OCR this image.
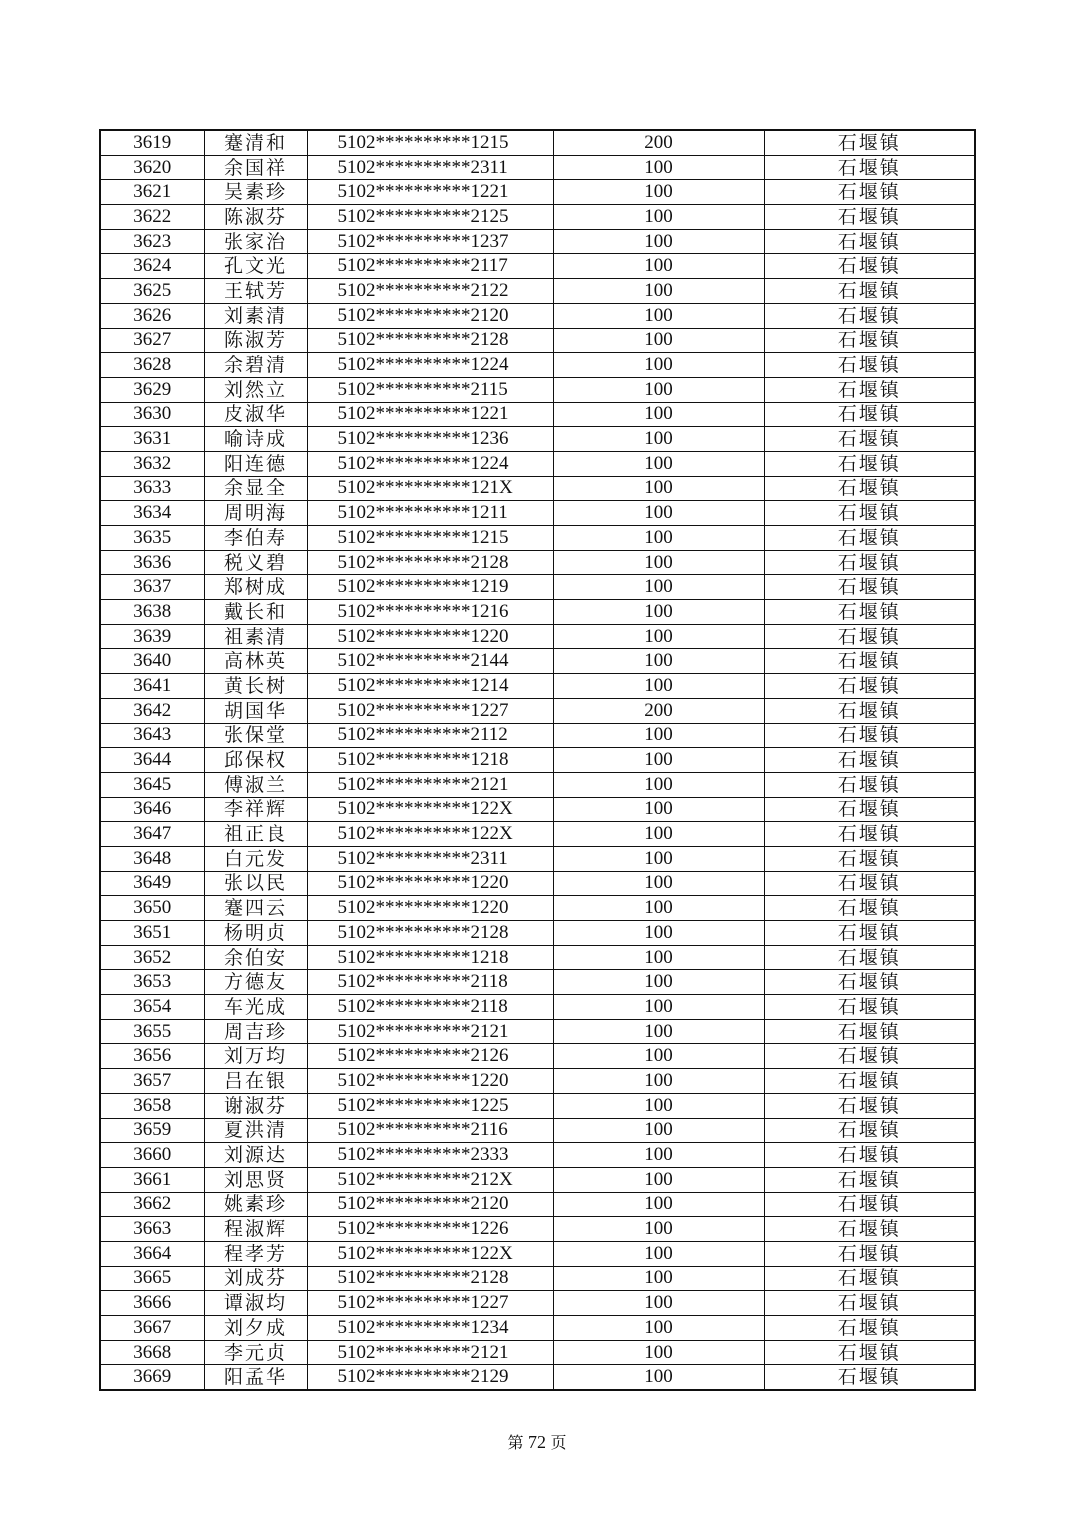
3619	蹇清和	5102**********1215	200	石堰镇
3620	余国祥	5102**********2311	100	石堰镇
3621	吴素珍	5102**********1221	100	石堰镇
3622	陈淑芬	5102**********2125	100	石堰镇
3623	张家治	5102**********1237	100	石堰镇
3624	孔文光	5102**********2117	100	石堰镇
3625	王轼芳	5102**********2122	100	石堰镇
3626	刘素清	5102**********2120	100	石堰镇
3627	陈淑芳	5102**********2128	100	石堰镇
3628	余碧清	5102**********1224	100	石堰镇
3629	刘然立	5102**********2115	100	石堰镇
3630	皮淑华	5102**********1221	100	石堰镇
3631	喻诗成	5102**********1236	100	石堰镇
3632	阳连德	5102**********1224	100	石堰镇
3633	余显全	5102**********121X	100	石堰镇
3634	周明海	5102**********1211	100	石堰镇
3635	李伯寿	5102**********1215	100	石堰镇
3636	税义碧	5102**********2128	100	石堰镇
3637	郑树成	5102**********1219	100	石堰镇
3638	戴长和	5102**********1216	100	石堰镇
3639	祖素清	5102**********1220	100	石堰镇
3640	高林英	5102**********2144	100	石堰镇
3641	黄长树	5102**********1214	100	石堰镇
3642	胡国华	5102**********1227	200	石堰镇
3643	张保堂	5102**********2112	100	石堰镇
3644	邱保权	5102**********1218	100	石堰镇
3645	傅淑兰	5102**********2121	100	石堰镇
3646	李祥辉	5102**********122X	100	石堰镇
3647	祖正良	5102**********122X	100	石堰镇
3648	白元发	5102**********2311	100	石堰镇
3649	张以民	5102**********1220	100	石堰镇
3650	蹇四云	5102**********1220	100	石堰镇
3651	杨明贞	5102**********2128	100	石堰镇
3652	余伯安	5102**********1218	100	石堰镇
3653	方德友	5102**********2118	100	石堰镇
3654	车光成	5102**********2118	100	石堰镇
3655	周吉珍	5102**********2121	100	石堰镇
3656	刘万均	5102**********2126	100	石堰镇
3657	吕在银	5102**********1220	100	石堰镇
3658	谢淑芬	5102**********1225	100	石堰镇
3659	夏洪清	5102**********2116	100	石堰镇
3660	刘源达	5102**********2333	100	石堰镇
3661	刘思贤	5102**********212X	100	石堰镇
3662	姚素珍	5102**********2120	100	石堰镇
3663	程淑辉	5102**********1226	100	石堰镇
3664	程孝芳	5102**********122X	100	石堰镇
3665	刘成芬	5102**********2128	100	石堰镇
3666	谭淑均	5102**********1227	100	石堰镇
3667	刘夕成	5102**********1234	100	石堰镇
3668	李元贞	5102**********2121	100	石堰镇
3669	阳孟华	5102**********2129	100	石堰镇
第 72 页
